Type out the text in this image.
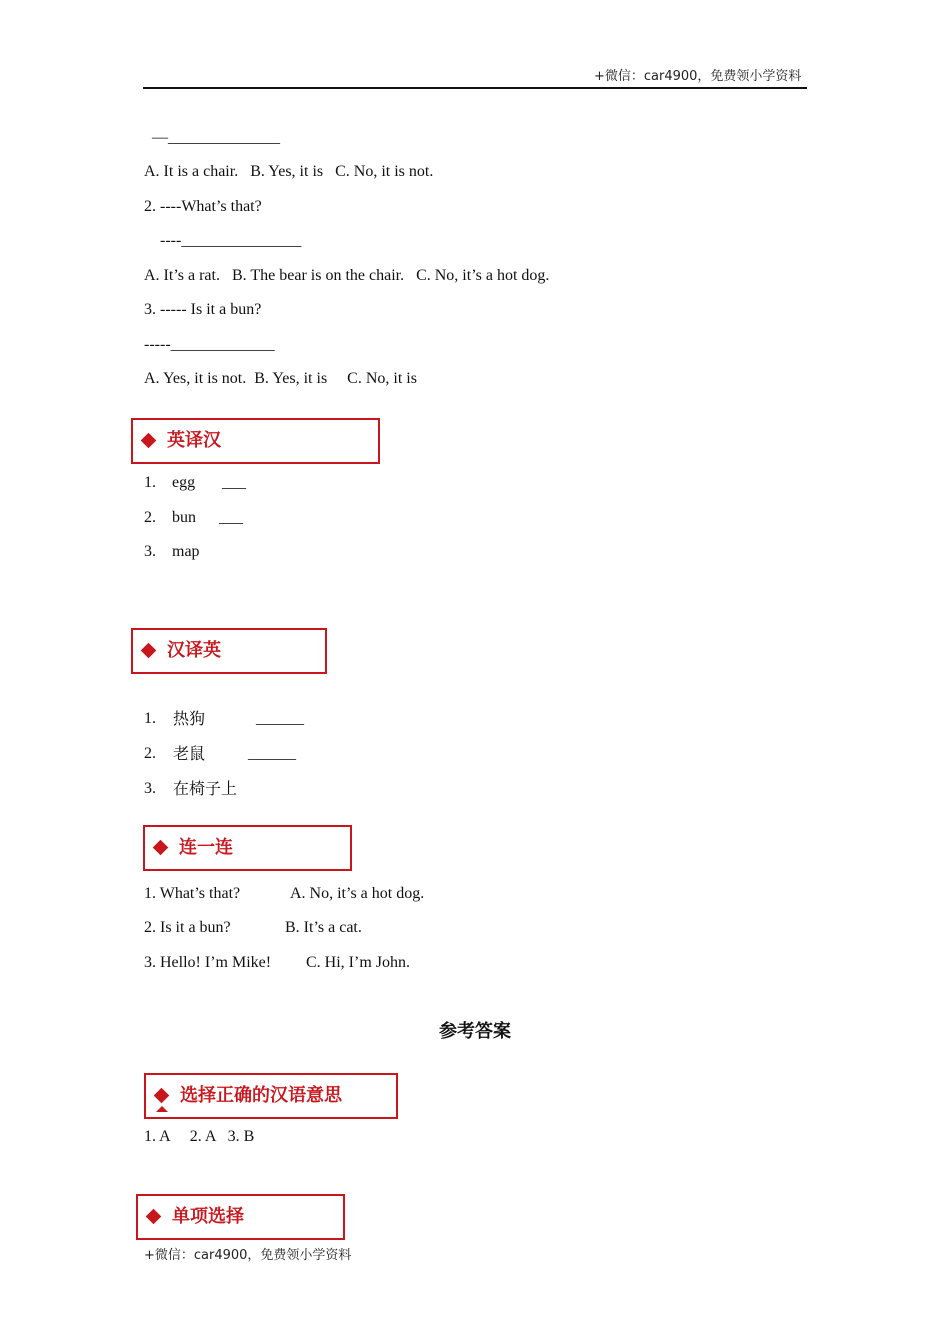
+微信：car4900，免费领小学资料
—______________
A. It is a chair.   B. Yes, it is   C. No, it is not.
2. ----What’s that?
----_______________
A. It’s a rat.   B. The bear is on the chair.   C. No, it’s a hot dog.
3. ----- Is it a bun?
-----_____________
A. Yes, it is not.  B. Yes, it is     C. No, it is
英译汉
1. egg ___
2. bun ___
3. map
汉译英
1. 热狗	______
2. 老鼠	______
3. 在椅子上
连一连
1. What’s that?	A. No, it’s a hot dog.
2. Is it a bun?	B. It’s a cat.
3. Hello! I’m Mike! C. Hi, I’m John.
参考答案
选择正确的汉语意思
1. A     2. A   3. B
单项选择
+微信：car4900，免费领小学资料
